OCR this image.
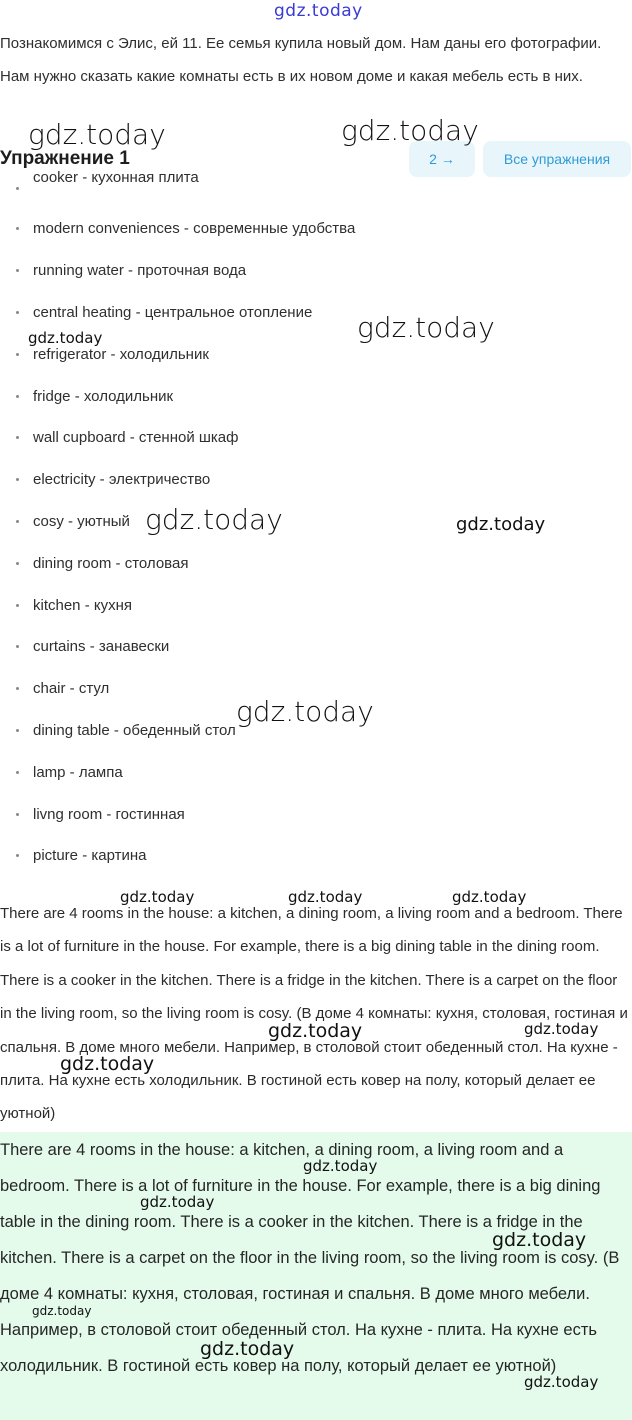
Познакомимся с Элис, ей 11. Ее семья купила новый дом. Нам даны его фотографии. Нам нужно сказать какие комнаты есть в их новом доме и какая мебель есть в них.

Упражнение 1	2 →	Все упражнения
cooker - кухонная плита
modern conveniences - современные удобства
running water - проточная вода
central heating - центральное отопление
refrigerator - холодильник
fridge - холодильник
wall cupboard - стенной шкаф
electricity - электричество
cosy - уютный
dining room - столовая
kitchen - кухня
curtains - занавески
chair - стул
dining table - обеденный стол
lamp - лампа
livng room - гостинная
picture - картина

There are 4 rooms in the house: a kitchen, a dining room, a living room and a bedroom. There is a lot of furniture in the house. For example, there is a big dining table in the dining room. There is a cooker in the kitchen. There is a fridge in the kitchen. There is a carpet on the floor in the living room, so the living room is cosy. (В доме 4 комнаты: кухня, столовая, гостиная и спальня. В доме много мебели. Например, в столовой стоит обеденный стол. На кухне - плита. На кухне есть холодильник. В гостиной есть ковер на полу, который делает ее уютной)

There are 4 rooms in the house: a kitchen, a dining room, a living room and a bedroom. There is a lot of furniture in the house. For example, there is a big dining table in the dining room. There is a cooker in the kitchen. There is a fridge in the kitchen. There is a carpet on the floor in the living room, so the living room is cosy. (В доме 4 комнаты: кухня, столовая, гостиная и спальня. В доме много мебели. Например, в столовой стоит обеденный стол. На кухне - плита. На кухне есть холодильник. В гостиной есть ковер на полу, который делает ее уютной)

gdz.today
gdz.today	gdz.today
gdz.today
gdz.today
gdz.today	gdz.today
gdz.today
gdz.today	gdz.today	gdz.today
gdz.today	gdz.today
gdz.today
gdz.today
gdz.today
gdz.today
gdz.today
gdz.today
gdz.today
